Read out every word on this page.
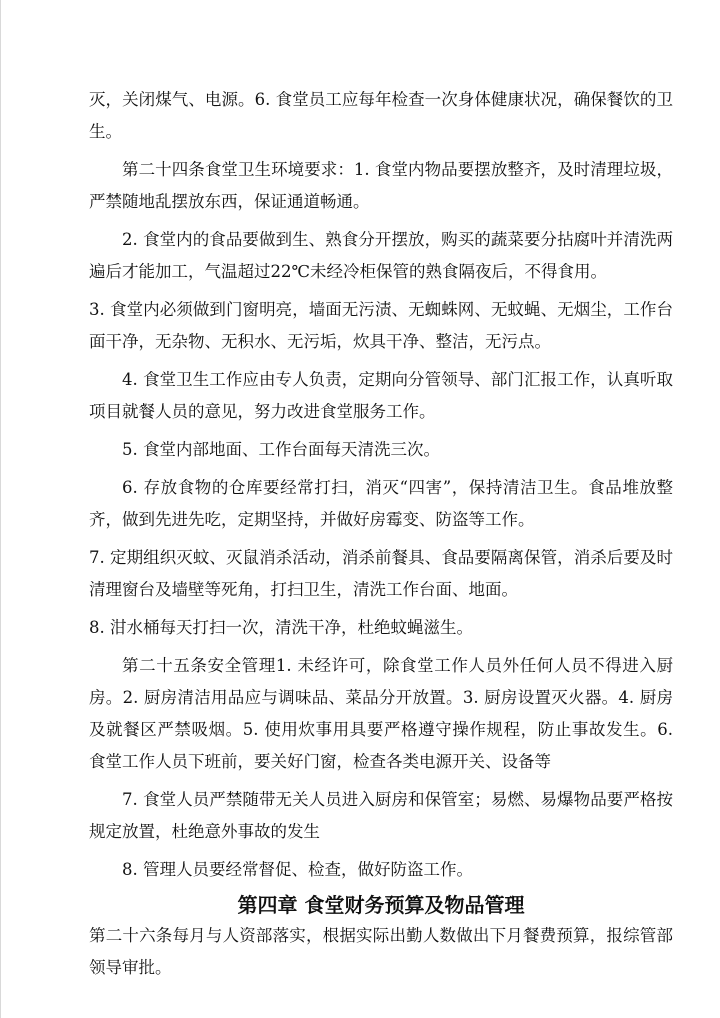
灭，关闭煤气、电源。6. 食堂员工应每年检查一次身体健康状况，确保餐饮的卫生。

第二十四条食堂卫生环境要求：1. 食堂内物品要摆放整齐，及时清理垃圾，严禁随地乱摆放东西，保证通道畅通。

2. 食堂内的食品要做到生、熟食分开摆放，购买的蔬菜要分拈腐叶并清洗两遍后才能加工，气温超过22℃未经冷柜保管的熟食隔夜后，不得食用。

3. 食堂内必须做到门窗明亮，墙面无污渍、无蜘蛛网、无蚊蝇、无烟尘，工作台面干净，无杂物、无积水、无污垢，炊具干净、整洁，无污点。

4. 食堂卫生工作应由专人负责，定期向分管领导、部门汇报工作，认真听取项目就餐人员的意见，努力改进食堂服务工作。

5. 食堂内部地面、工作台面每天清洗三次。

6. 存放食物的仓库要经常打扫，消灭“四害”，保持清洁卫生。食品堆放整齐，做到先进先吃，定期坚持，并做好房霉变、防盗等工作。

7. 定期组织灭蚊、灭鼠消杀活动，消杀前餐具、食品要隔离保管，消杀后要及时清理窗台及墙壁等死角，打扫卫生，清洗工作台面、地面。

8. 泔水桶每天打扫一次，清洗干净，杜绝蚊蝇滋生。

第二十五条安全管理1. 未经许可，除食堂工作人员外任何人员不得进入厨房。2. 厨房清洁用品应与调味品、菜品分开放置。3. 厨房设置灭火器。4. 厨房及就餐区严禁吸烟。5. 使用炊事用具要严格遵守操作规程，防止事故发生。6. 食堂工作人员下班前，要关好门窗，检查各类电源开关、设备等

7. 食堂人员严禁随带无关人员进入厨房和保管室；易燃、易爆物品要严格按规定放置，杜绝意外事故的发生

8. 管理人员要经常督促、检查，做好防盗工作。

第四章 食堂财务预算及物品管理

第二十六条每月与人资部落实，根据实际出勤人数做出下月餐费预算，报综管部领导审批。
